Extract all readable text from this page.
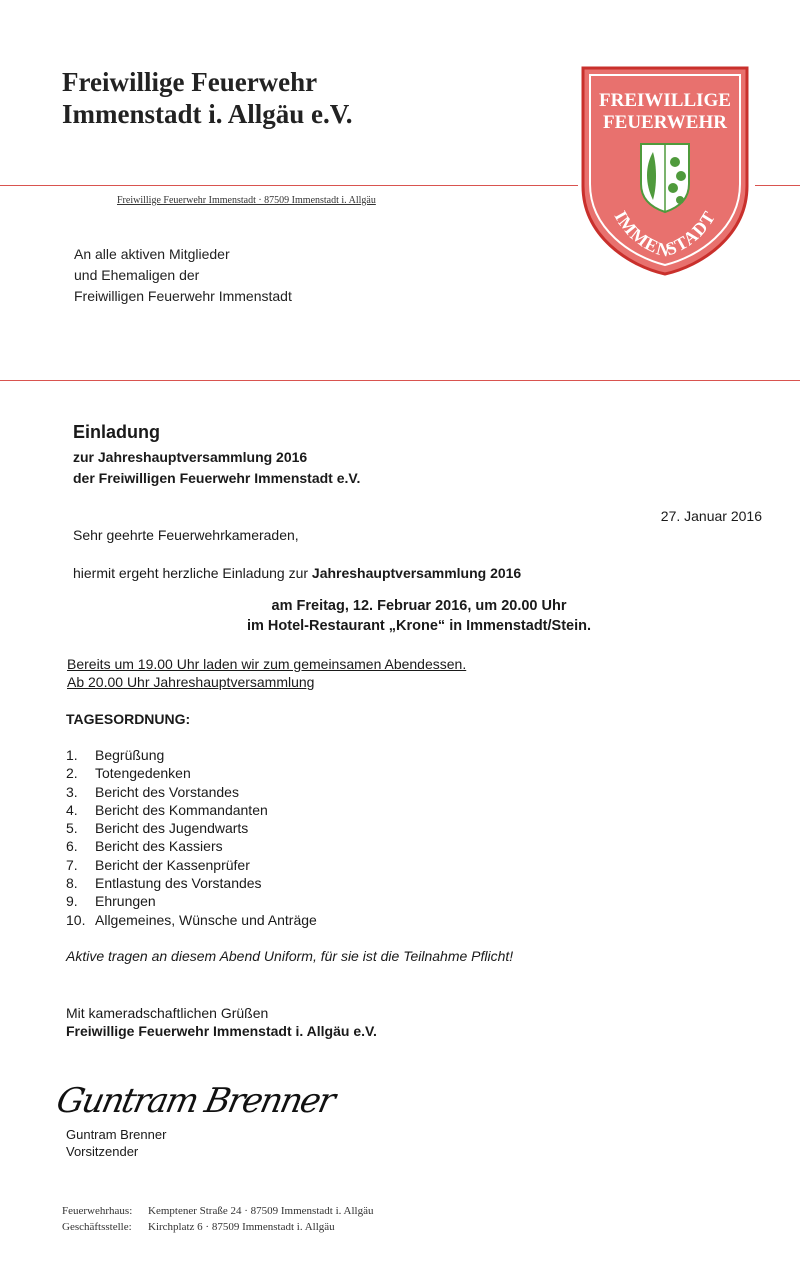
Freiwillige Feuerwehr
Immenstadt i. Allgäu e.V.
Freiwillige Feuerwehr Immenstadt · 87509 Immenstadt i. Allgäu
FREIWILLIGE
FEUERWEHR
IMMENSTADT
An alle aktiven Mitglieder
und Ehemaligen der
Freiwilligen Feuerwehr Immenstadt
Einladung
zur Jahreshauptversammlung 2016
der Freiwilligen Feuerwehr Immenstadt e.V.
27. Januar 2016
Sehr geehrte Feuerwehrkameraden,
hiermit ergeht herzliche Einladung zur Jahreshauptversammlung 2016
am Freitag, 12. Februar 2016, um 20.00 Uhr
im Hotel-Restaurant „Krone“ in Immenstadt/Stein.
Bereits um 19.00 Uhr laden wir zum gemeinsamen Abendessen.
Ab 20.00 Uhr Jahreshauptversammlung
TAGESORDNUNG:
1.	Begrüßung
2.	Totengedenken
3.	Bericht des Vorstandes
4.	Bericht des Kommandanten
5.	Bericht des Jugendwarts
6.	Bericht des Kassiers
7.	Bericht der Kassenprüfer
8.	Entlastung des Vorstandes
9.	Ehrungen
10. Allgemeines, Wünsche und Anträge
Aktive tragen an diesem Abend Uniform, für sie ist die Teilnahme Pflicht!
Mit kameradschaftlichen Grüßen
Freiwillige Feuerwehr Immenstadt i. Allgäu e.V.
Guntram Brenner
Guntram Brenner
Vorsitzender
Feuerwehrhaus: Kemptener Straße 24 · 87509 Immenstadt i. Allgäu
Geschäftsstelle: Kirchplatz 6 · 87509 Immenstadt i. Allgäu
